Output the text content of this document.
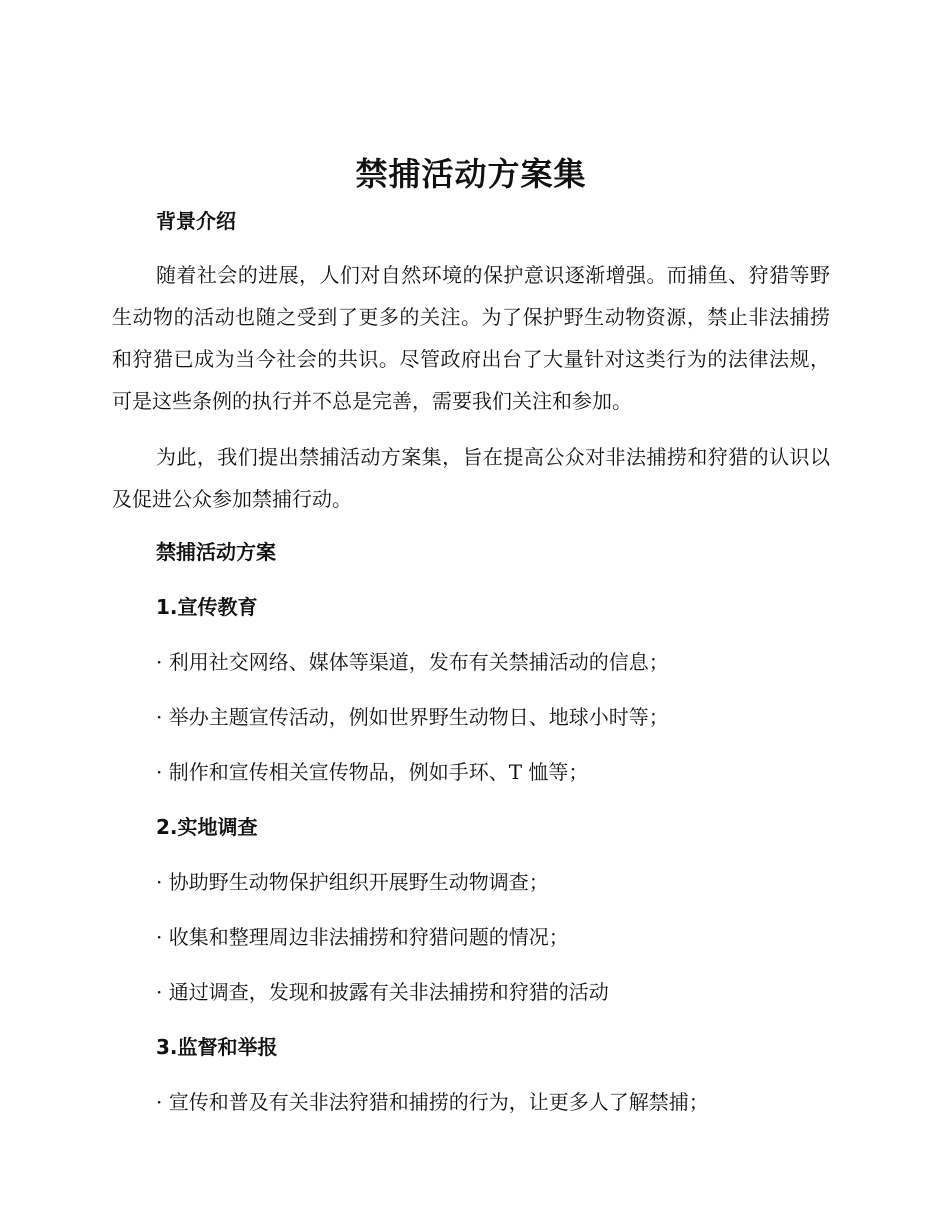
禁捕活动方案集
背景介绍

随着社会的进展，人们对自然环境的保护意识逐渐增强。而捕鱼、狩猎等野生动物的活动也随之受到了更多的关注。为了保护野生动物资源，禁止非法捕捞和狩猎已成为当今社会的共识。尽管政府出台了大量针对这类行为的法律法规，可是这些条例的执行并不总是完善，需要我们关注和参加。

为此，我们提出禁捕活动方案集，旨在提高公众对非法捕捞和狩猎的认识以及促进公众参加禁捕行动。

禁捕活动方案
1.宣传教育

· 利用社交网络、媒体等渠道，发布有关禁捕活动的信息；

· 举办主题宣传活动，例如世界野生动物日、地球小时等；

· 制作和宣传相关宣传物品，例如手环、T 恤等；

2.实地调查

· 协助野生动物保护组织开展野生动物调查；

· 收集和整理周边非法捕捞和狩猎问题的情况；

· 通过调查，发现和披露有关非法捕捞和狩猎的活动

3.监督和举报

· 宣传和普及有关非法狩猎和捕捞的行为，让更多人了解禁捕；
